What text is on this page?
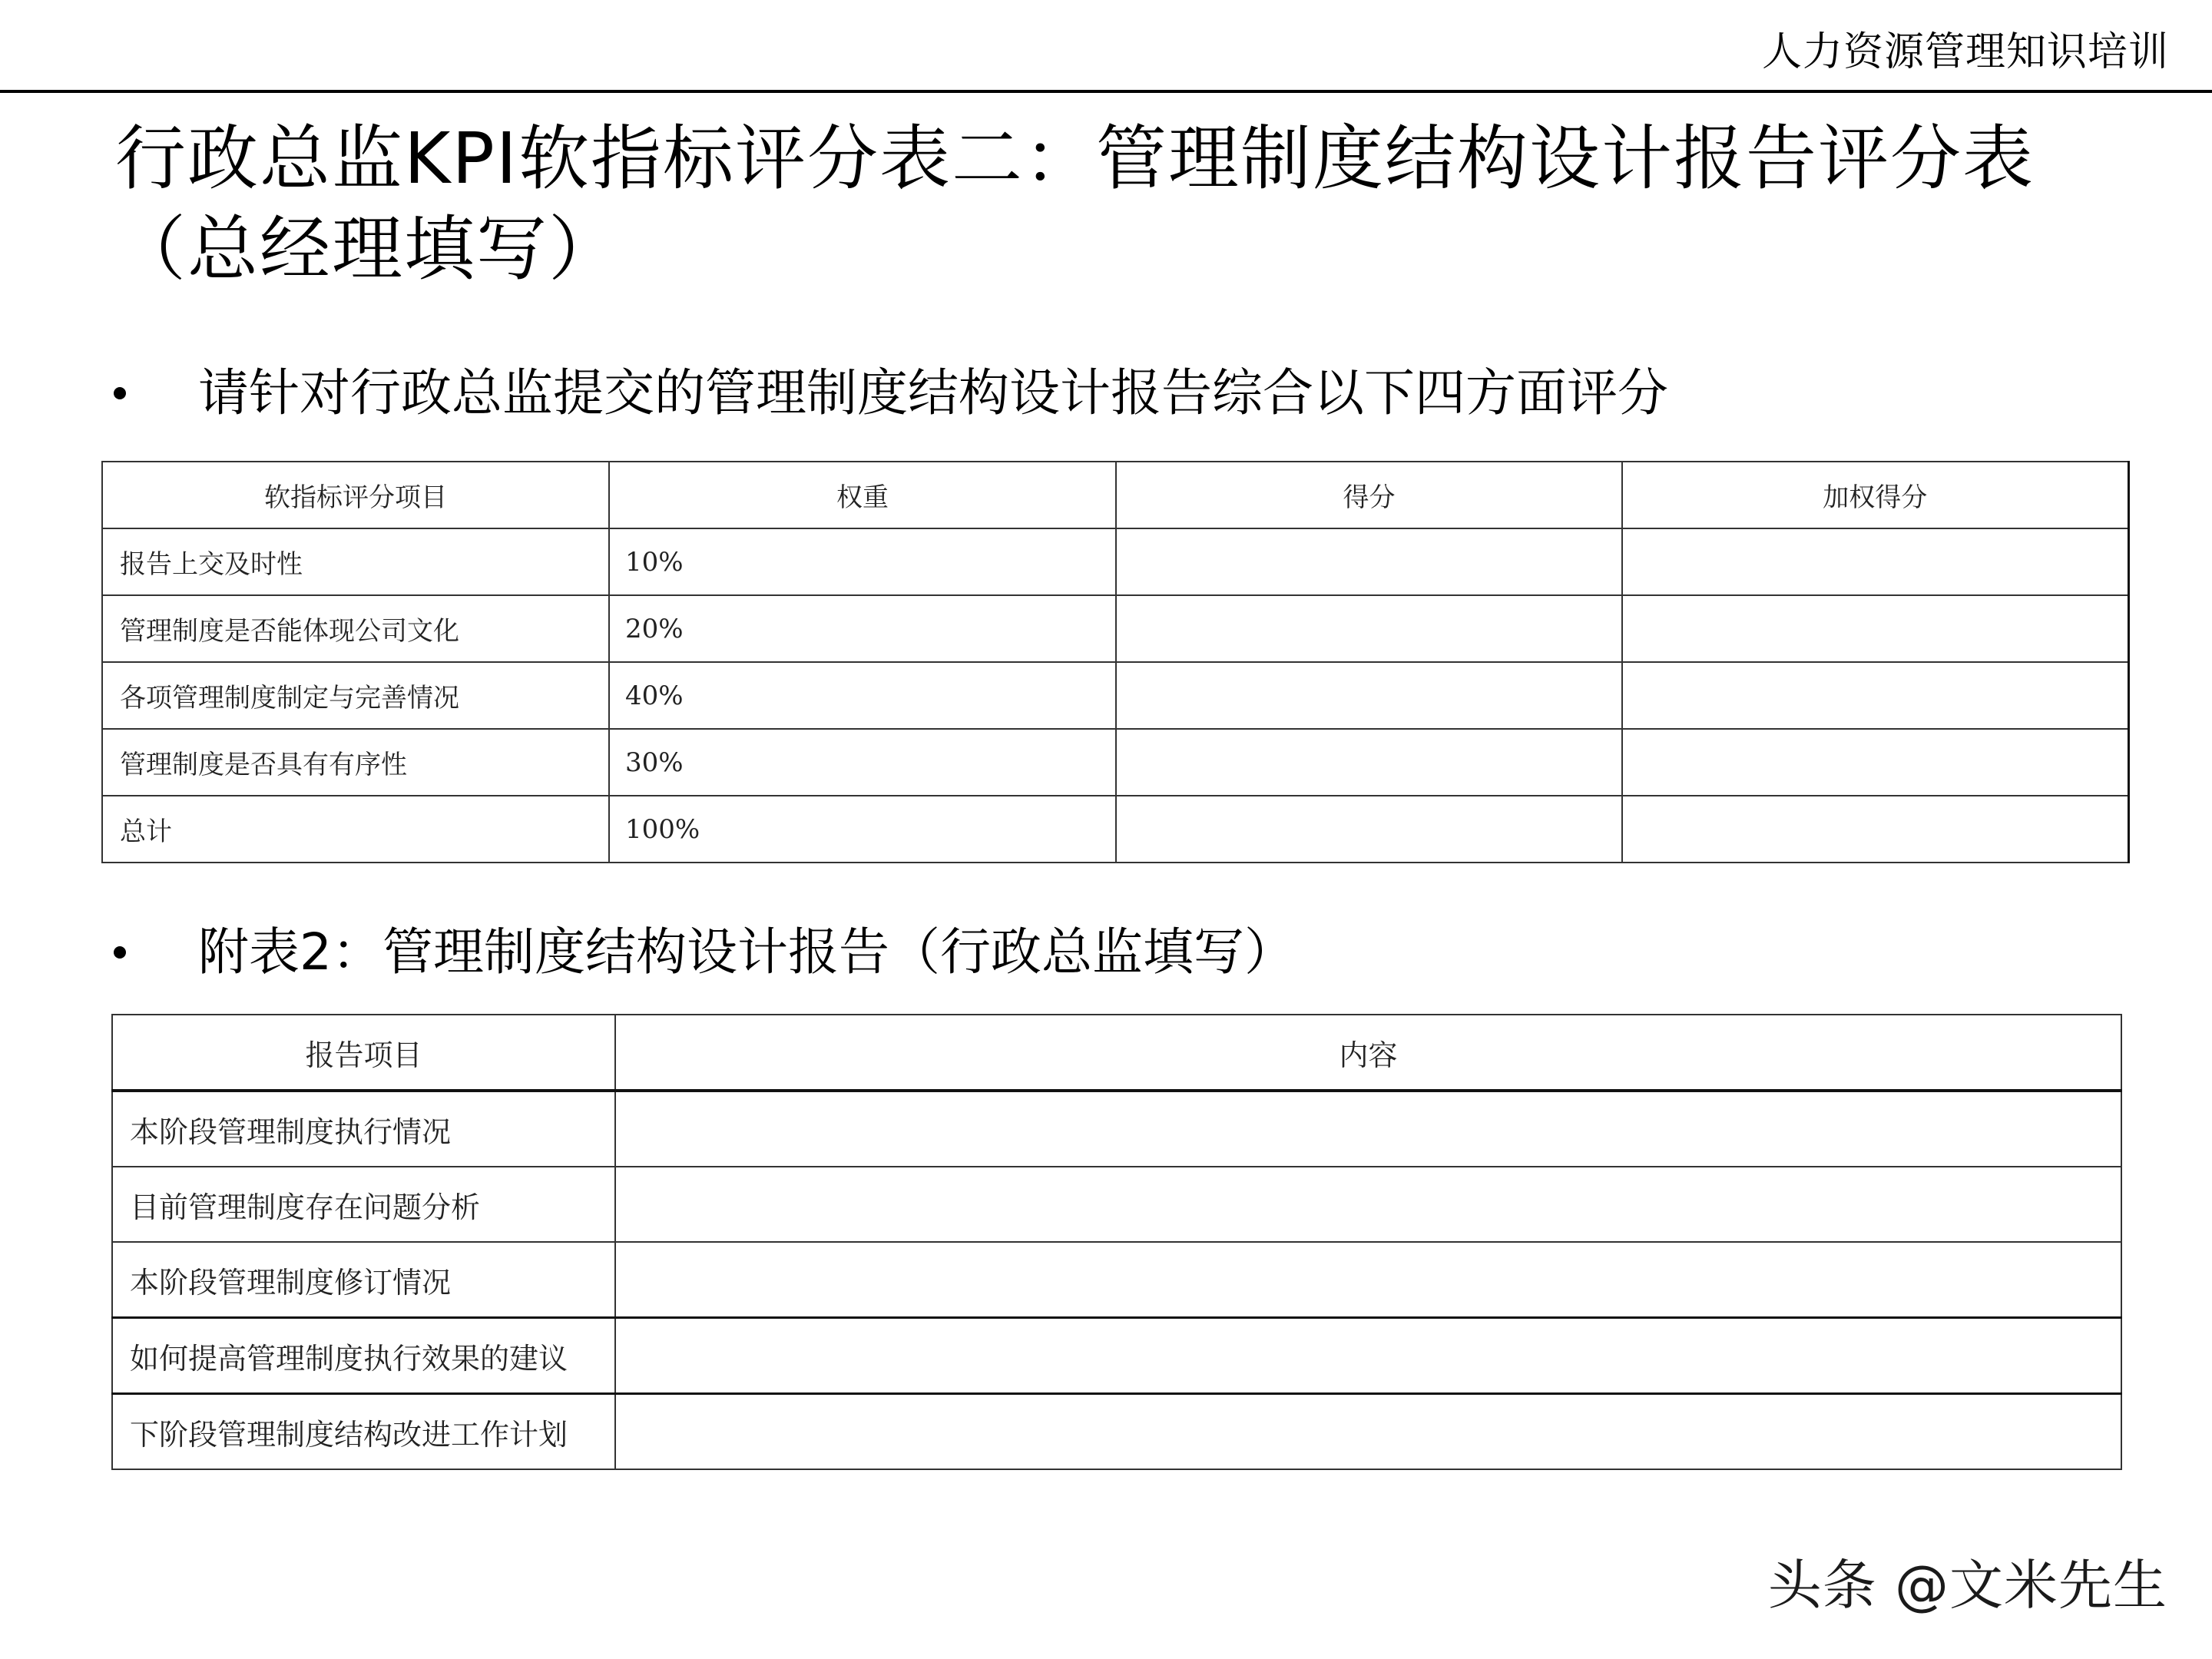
人力资源管理知识培训
行政总监KPI软指标评分表二：管理制度结构设计报告评分表
（总经理填写）
请针对行政总监提交的管理制度结构设计报告综合以下四方面评分
软指标评分项目	权重	得分	加权得分
报告上交及时性	10%		
管理制度是否能体现公司文化	20%		
各项管理制度制定与完善情况	40%		
管理制度是否具有有序性	30%		
总计	100%		
附表2：管理制度结构设计报告（行政总监填写）
报告项目	内容
本阶段管理制度执行情况	
目前管理制度存在问题分析	
本阶段管理制度修订情况	
如何提高管理制度执行效果的建议	
下阶段管理制度结构改进工作计划	
头条 @文米先生
